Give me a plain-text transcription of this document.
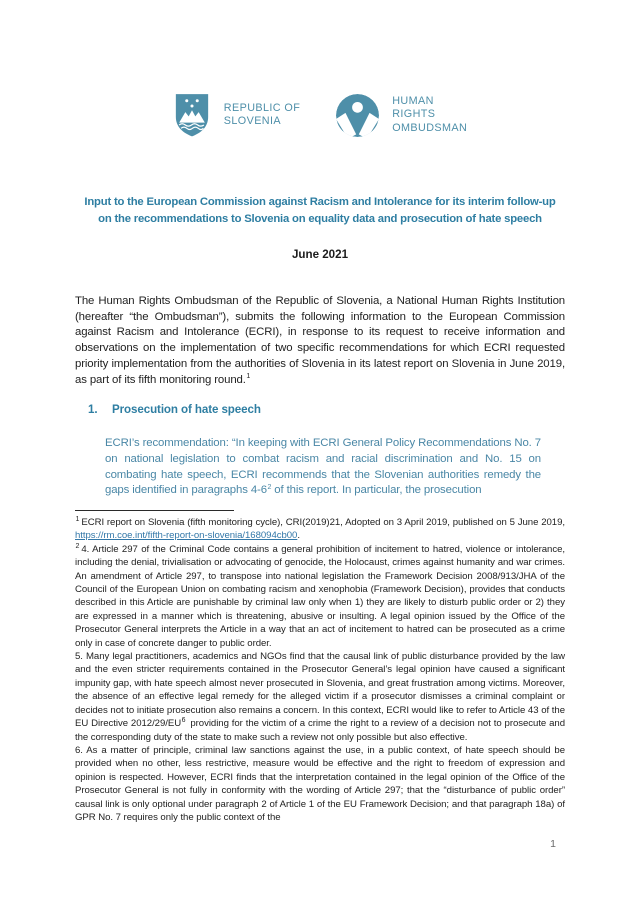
REPUBLIC OF
SLOVENIA
HUMAN
RIGHTS
OMBUDSMAN
Input to the European Commission against Racism and Intolerance for its interim follow-up
on the recommendations to Slovenia on equality data and prosecution of hate speech

June 2021

The Human Rights Ombudsman of the Republic of Slovenia, a National Human Rights Institution (hereafter “the Ombudsman”), submits the following information to the European Commission against Racism and Intolerance (ECRI), in response to its request to receive information and observations on the implementation of two specific recommendations for which ECRI requested priority implementation from the authorities of Slovenia in its latest report on Slovenia in June 2019, as part of its fifth monitoring round.$^1$

1. Prosecution of hate speech

ECRI’s recommendation: “In keeping with ECRI General Policy Recommendations No. 7 on national legislation to combat racism and racial discrimination and No. 15 on combating hate speech, ECRI recommends that the Slovenian authorities remedy the gaps identified in paragraphs 4-6$^2$ of this report. In particular, the prosecution

$^1$ ECRI report on Slovenia (fifth monitoring cycle), CRI(2019)21, Adopted on 3 April 2019, published on 5 June 2019, https://rm.coe.int/fifth-report-on-slovenia/168094cb00.

$^2$ 4. Article 297 of the Criminal Code contains a general prohibition of incitement to hatred, violence or intolerance, including the denial, trivialisation or advocating of genocide, the Holocaust, crimes against humanity and war crimes. An amendment of Article 297, to transpose into national legislation the Framework Decision 2008/913/JHA of the Council of the European Union on combating racism and xenophobia (Framework Decision), provides that conducts described in this Article are punishable by criminal law only when 1) they are likely to disturb public order or 2) they are expressed in a manner which is threatening, abusive or insulting. A legal opinion issued by the Office of the Prosecutor General interprets the Article in a way that an act of incitement to hatred can be prosecuted as a crime only in case of concrete danger to public order.
5. Many legal practitioners, academics and NGOs find that the causal link of public disturbance provided by the law and the even stricter requirements contained in the Prosecutor General’s legal opinion have caused a significant impunity gap, with hate speech almost never prosecuted in Slovenia, and great frustration among victims. Moreover, the absence of an effective legal remedy for the alleged victim if a prosecutor dismisses a criminal complaint or decides not to initiate prosecution also remains a concern. In this context, ECRI would like to refer to Article 43 of the EU Directive 2012/29/EU$^6$ providing for the victim of a crime the right to a review of a decision not to prosecute and the corresponding duty of the state to make such a review not only possible but also effective.
6. As a matter of principle, criminal law sanctions against the use, in a public context, of hate speech should be provided when no other, less restrictive, measure would be effective and the right to freedom of expression and opinion is respected. However, ECRI finds that the interpretation contained in the legal opinion of the Office of the Prosecutor General is not fully in conformity with the wording of Article 297; that the “disturbance of public order” causal link is only optional under paragraph 2 of Article 1 of the EU Framework Decision; and that paragraph 18a) of GPR No. 7 requires only the public context of the

1
